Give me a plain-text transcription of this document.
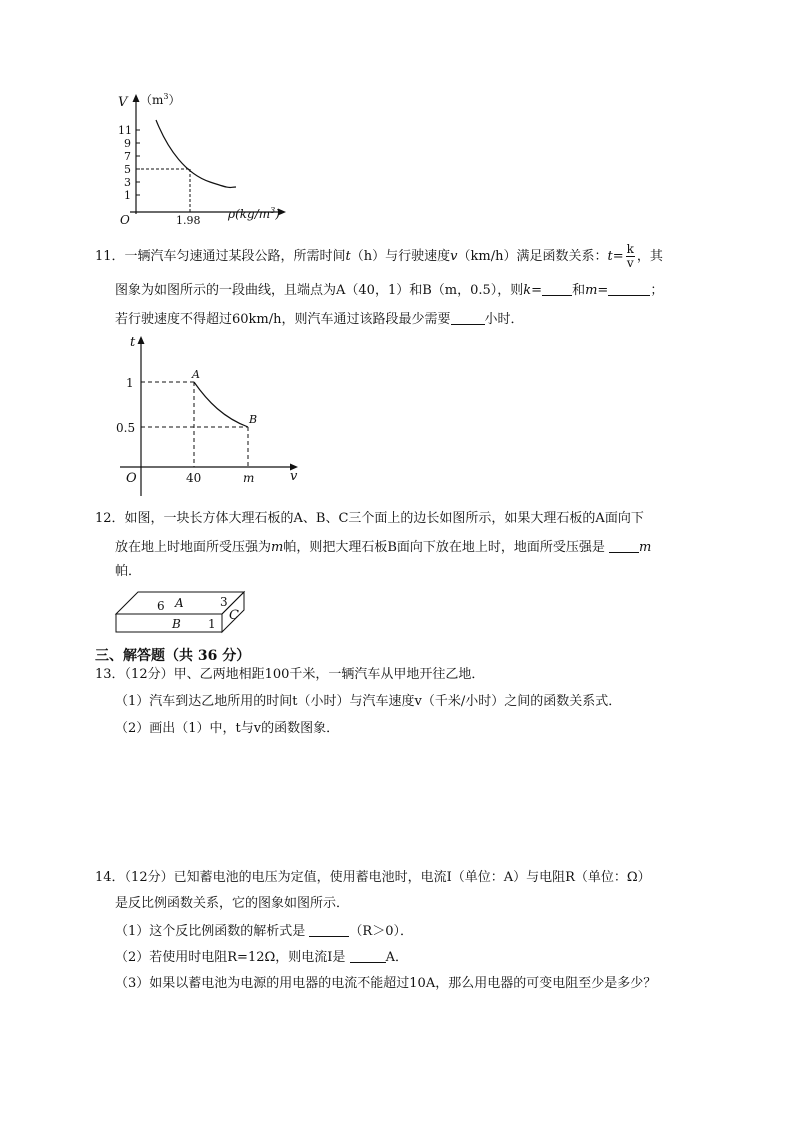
V $(m^3)$
11
9
7
5
3
1
O	1.98 $\rho(kg/m^3)$
11．一辆汽车匀速通过某段公路，所需时间t（h）与行驶速度v（km/h）满足函数关系：$t= \frac{k}{v}$ ，其
图象为如图所示的一段曲线，且端点为A（40，1）和B（m，0.5），则k= 和m=	；
若行驶速度不得超过60km/h，则汽车通过该路段最少需要	小时．
t
1
0.5
O	40	m	v
A
B
12．如图，一块长方体大理石板的A、B、C三个面上的边长如图所示，如果大理石板的A面向下
放在地上时地面所受压强为m帕，则把大理石板B面向下放在地上时，地面所受压强是	m
帕．
6 A	3
C
B 1
三、解答题（共 36 分）
13．（12分）甲、乙两地相距100千米，一辆汽车从甲地开往乙地．
（1）汽车到达乙地所用的时间t（小时）与汽车速度v（千米/小时）之间的函数关系式．
（2）画出（1）中，t与v的函数图象．
14．（12分）已知蓄电池的电压为定值，使用蓄电池时，电流I（单位：A）与电阻R（单位：Ω）
是反比例函数关系，它的图象如图所示．
（1）这个反比例函数的解析式是	（R＞0）．
（2）若使用时电阻R=12Ω，则电流I是	A．
（3）如果以蓄电池为电源的用电器的电流不能超过10A，那么用电器的可变电阻至少是多少？
